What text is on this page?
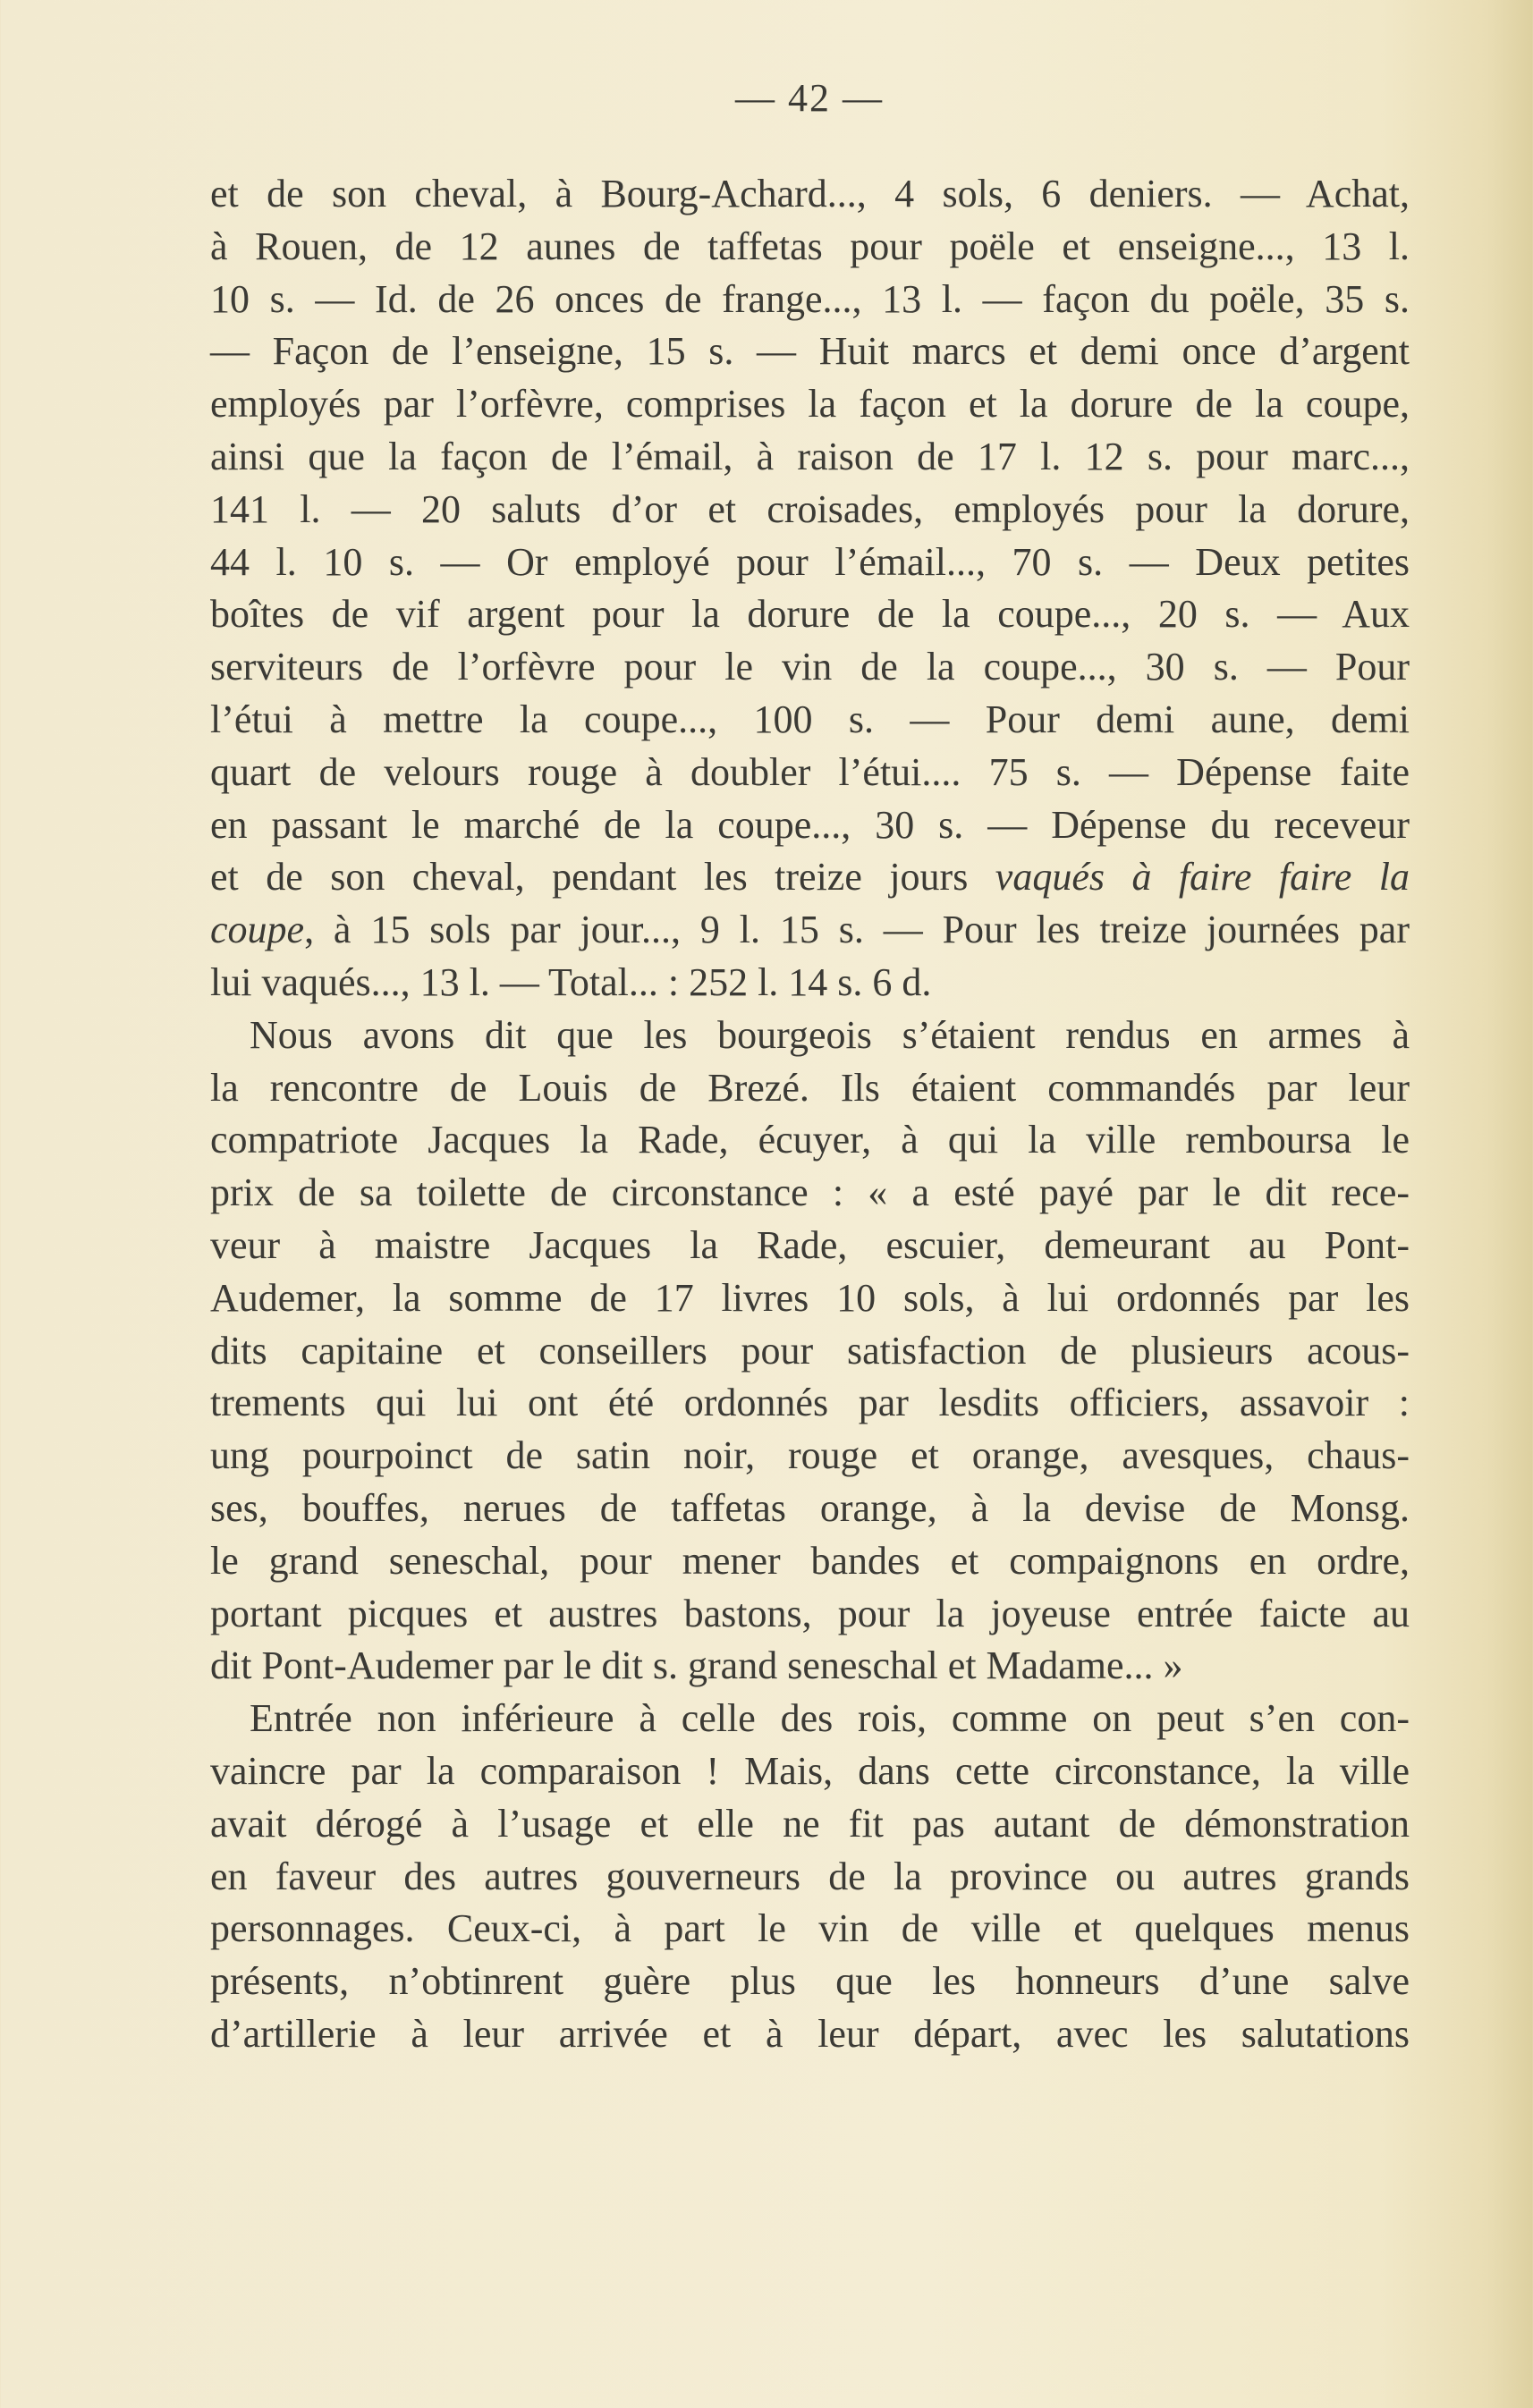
— 42 —
et de son cheval, à Bourg-Achard..., 4 sols, 6 deniers. — Achat,
à Rouen, de 12 aunes de taffetas pour poële et enseigne..., 13 l.
10 s. — Id. de 26 onces de frange..., 13 l. — façon du poële, 35 s.
— Façon de l’enseigne, 15 s. — Huit marcs et demi once d’argent
employés par l’orfèvre, comprises la façon et la dorure de la coupe,
ainsi que la façon de l’émail, à raison de 17 l. 12 s. pour marc...,
141 l. — 20 saluts d’or et croisades, employés pour la dorure,
44 l. 10 s. — Or employé pour l’émail..., 70 s. — Deux petites
boîtes de vif argent pour la dorure de la coupe..., 20 s. — Aux
serviteurs de l’orfèvre pour le vin de la coupe..., 30 s. — Pour
l’étui à mettre la coupe..., 100 s. — Pour demi aune, demi
quart de velours rouge à doubler l’étui.... 75 s. — Dépense faite
en passant le marché de la coupe..., 30 s. — Dépense du receveur
et de son cheval, pendant les treize jours vaqués à faire faire la
coupe, à 15 sols par jour..., 9 l. 15 s. — Pour les treize journées par
lui vaqués..., 13 l. — Total... : 252 l. 14 s. 6 d.
Nous avons dit que les bourgeois s’étaient rendus en armes à
la rencontre de Louis de Brezé. Ils étaient commandés par leur
compatriote Jacques la Rade, écuyer, à qui la ville remboursa le
prix de sa toilette de circonstance : « a esté payé par le dit rece-
veur à maistre Jacques la Rade, escuier, demeurant au Pont-
Audemer, la somme de 17 livres 10 sols, à lui ordonnés par les
dits capitaine et conseillers pour satisfaction de plusieurs acous-
trements qui lui ont été ordonnés par lesdits officiers, assavoir :
ung pourpoinct de satin noir, rouge et orange, avesques, chaus-
ses, bouffes, nerues de taffetas orange, à la devise de Monsg.
le grand seneschal, pour mener bandes et compaignons en ordre,
portant picques et austres bastons, pour la joyeuse entrée faicte au
dit Pont-Audemer par le dit s. grand seneschal et Madame... »
Entrée non inférieure à celle des rois, comme on peut s’en con-
vaincre par la comparaison ! Mais, dans cette circonstance, la ville
avait dérogé à l’usage et elle ne fit pas autant de démonstration
en faveur des autres gouverneurs de la province ou autres grands
personnages. Ceux-ci, à part le vin de ville et quelques menus
présents, n’obtinrent guère plus que les honneurs d’une salve
d’artillerie à leur arrivée et à leur départ, avec les salutations
